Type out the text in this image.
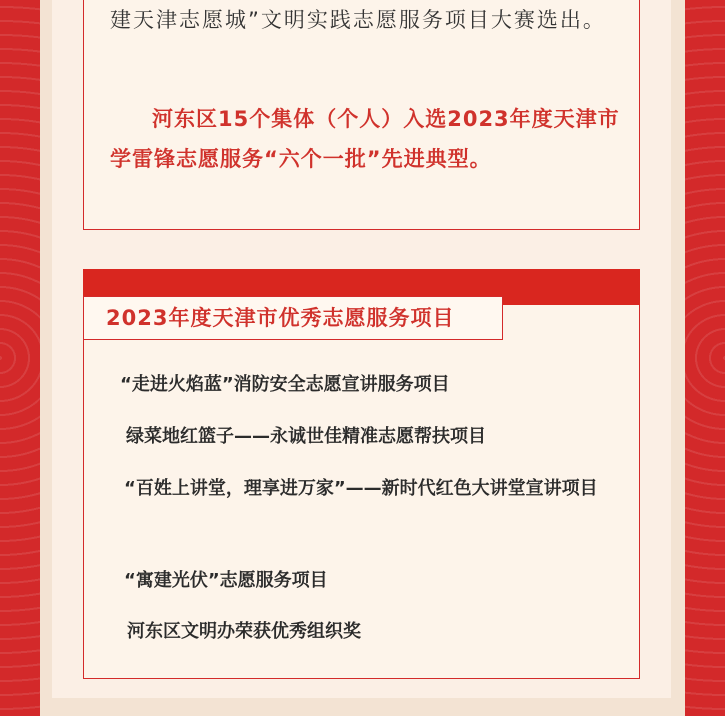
建天津志愿城”文明实践志愿服务项目大赛选出。

河东区15个集体（个人）入选2023年度天津市学雷锋志愿服务“六个一批”先进典型。

2023年度天津市优秀志愿服务项目

“走进火焰蓝”消防安全志愿宣讲服务项目

绿菜地红篮子——永诚世佳精准志愿帮扶项目

“百姓上讲堂，理享进万家”——新时代红色大讲堂宣讲项目

“寓建光伏”志愿服务项目

河东区文明办荣获优秀组织奖
